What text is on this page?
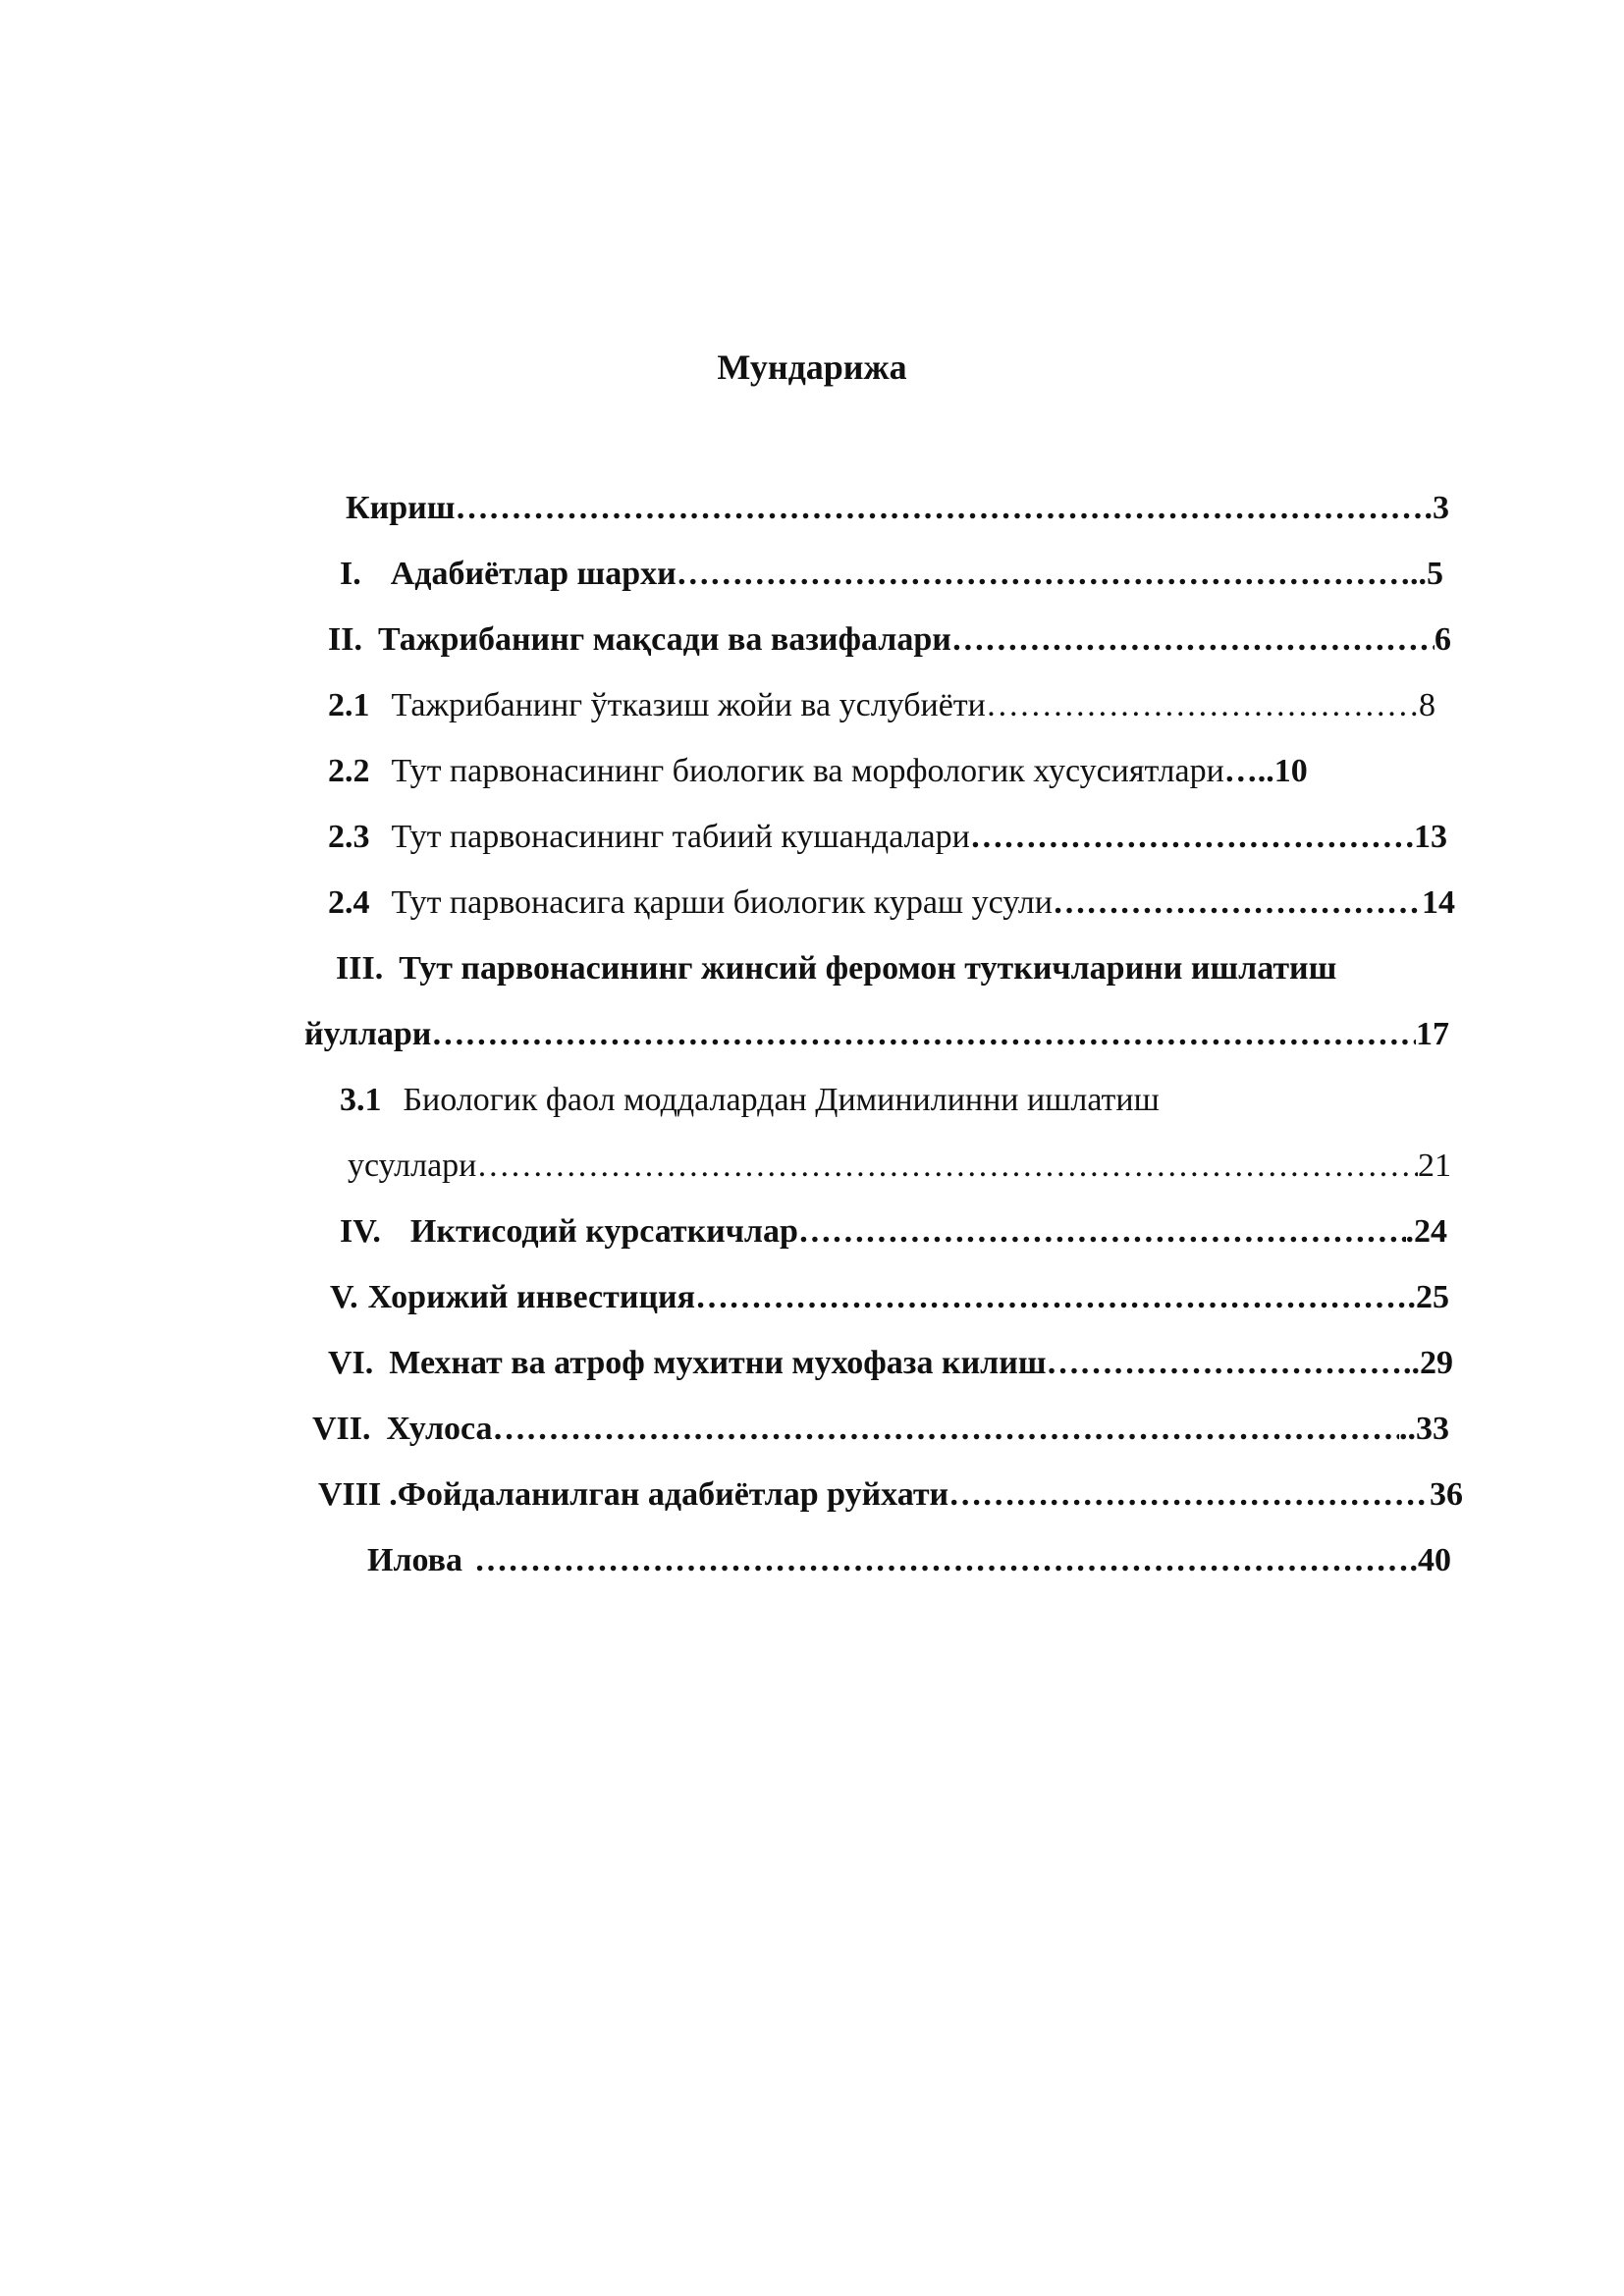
Мундарижа
Кириш …………………………………………………………………………………………………………………………………………………………………………	.3
I. Адабиётлар шархи …………………………………………………………………………………………………………………………………………………………………………	..5
II. Тажрибанинг мақсади ва вазифалари …………………………………………………………………………………………………………………………………………………………………………	6
2.1 Тажрибанинг ўтказиш жойи ва услубиёти …………………………………………………………………………………………………………………………………………………………………………	8
2.2 Тут парвонасининг биологик ва морфологик хусусиятлари …..10
2.3 Тут парвонасининг табиий кушандалари …………………………………………………………………………………………………………………………………………………………………………	.13
2.4 Тут парвонасига қарши биологик кураш усули …………………………………………………………………………………………………………………………………………………………………………	14
III. Тут парвонасининг жинсий феромон туткичларини ишлатиш
йуллари …………………………………………………………………………………………………………………………………………………………………………	17
3.1 Биологик фаол моддалардан Диминилинни ишлатиш
усуллари …………………………………………………………………………………………………………………………………………………………………………	21
IV. Иктисодий курсаткичлар …………………………………………………………………………………………………………………………………………………………………………	.24
V. Хорижий инвестиция …………………………………………………………………………………………………………………………………………………………………………	.25
VI. Мехнат ва атроф мухитни мухофаза килиш …………………………………………………………………………………………………………………………………………………………………………	..29
VII. Хулоса …………………………………………………………………………………………………………………………………………………………………………	..33
VIII .Фойдаланилган адабиётлар руйхати …………………………………………………………………………………………………………………………………………………………………………	36
Илова …………………………………………………………………………………………………………………………………………………………………………	.40
